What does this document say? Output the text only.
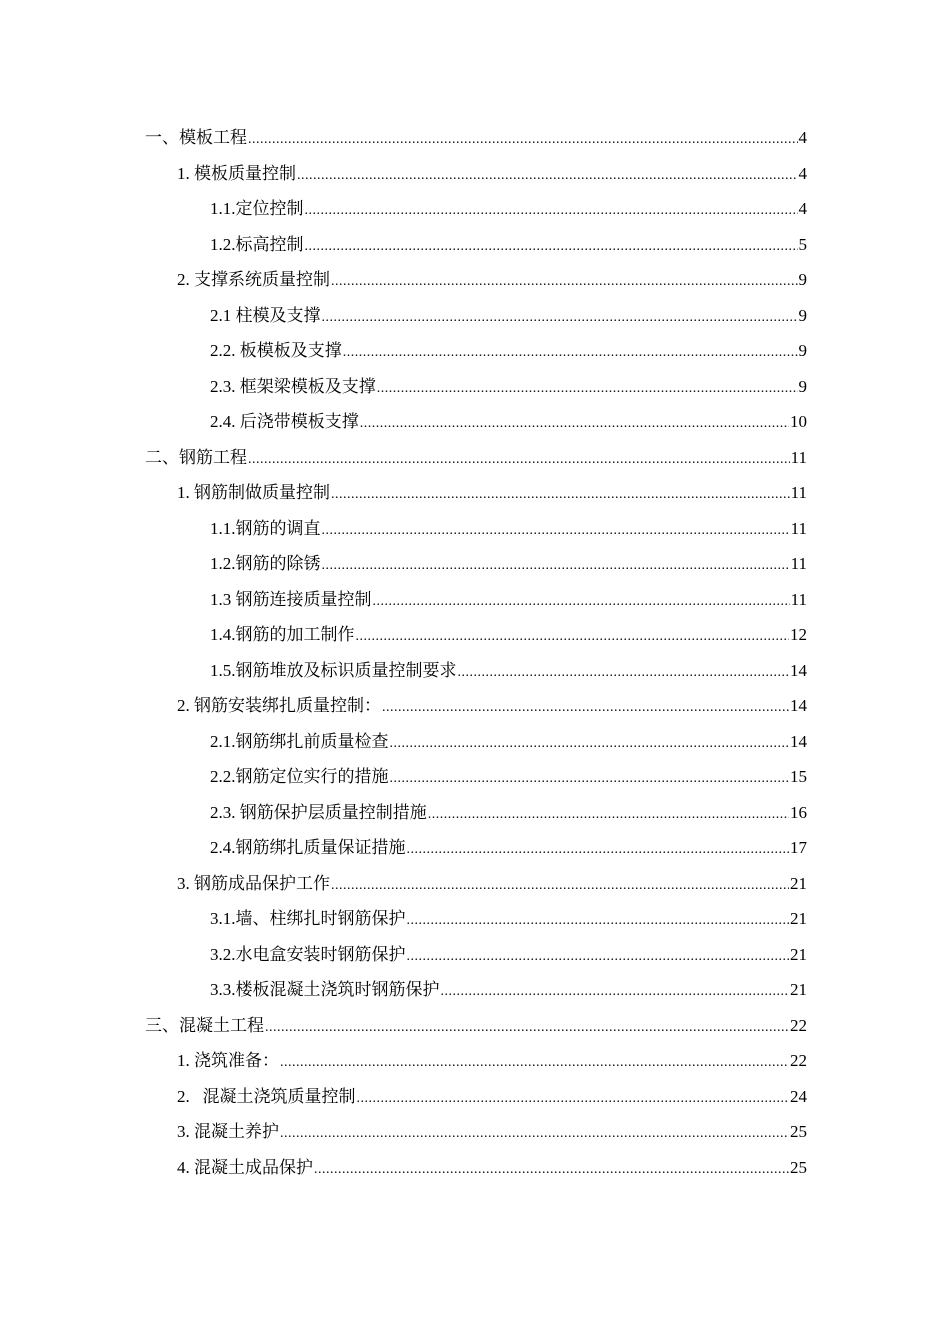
一、模板工程 .....	4
1. 模板质量控制 .....	4
1.1.定位控制 .....	4
1.2.标高控制 .....	5
2. 支撑系统质量控制 .....	9
2.1 柱模及支撑 .....	9
2.2. 板模板及支撑 .....	9
2.3. 框架梁模板及支撑 .....	9
2.4. 后浇带模板支撑 .....	10
二、钢筋工程 .....	11
1. 钢筋制做质量控制 .....	11
1.1.钢筋的调直 .....	11
1.2.钢筋的除锈 .....	11
1.3 钢筋连接质量控制 .....	11
1.4.钢筋的加工制作 .....	12
1.5.钢筋堆放及标识质量控制要求 .....	14
2. 钢筋安装绑扎质量控制： .....	14
2.1.钢筋绑扎前质量检查 .....	14
2.2.钢筋定位实行的措施 .....	15
2.3. 钢筋保护层质量控制措施 .....	16
2.4.钢筋绑扎质量保证措施 .....	17
3. 钢筋成品保护工作 .....	21
3.1.墙、柱绑扎时钢筋保护 .....	21
3.2.水电盒安装时钢筋保护 .....	21
3.3.楼板混凝土浇筑时钢筋保护 .....	21
三、混凝土工程 .....	22
1. 浇筑准备： .....	22
2.   混凝土浇筑质量控制 .....	24
3. 混凝土养护 .....	25
4. 混凝土成品保护 .....	25
